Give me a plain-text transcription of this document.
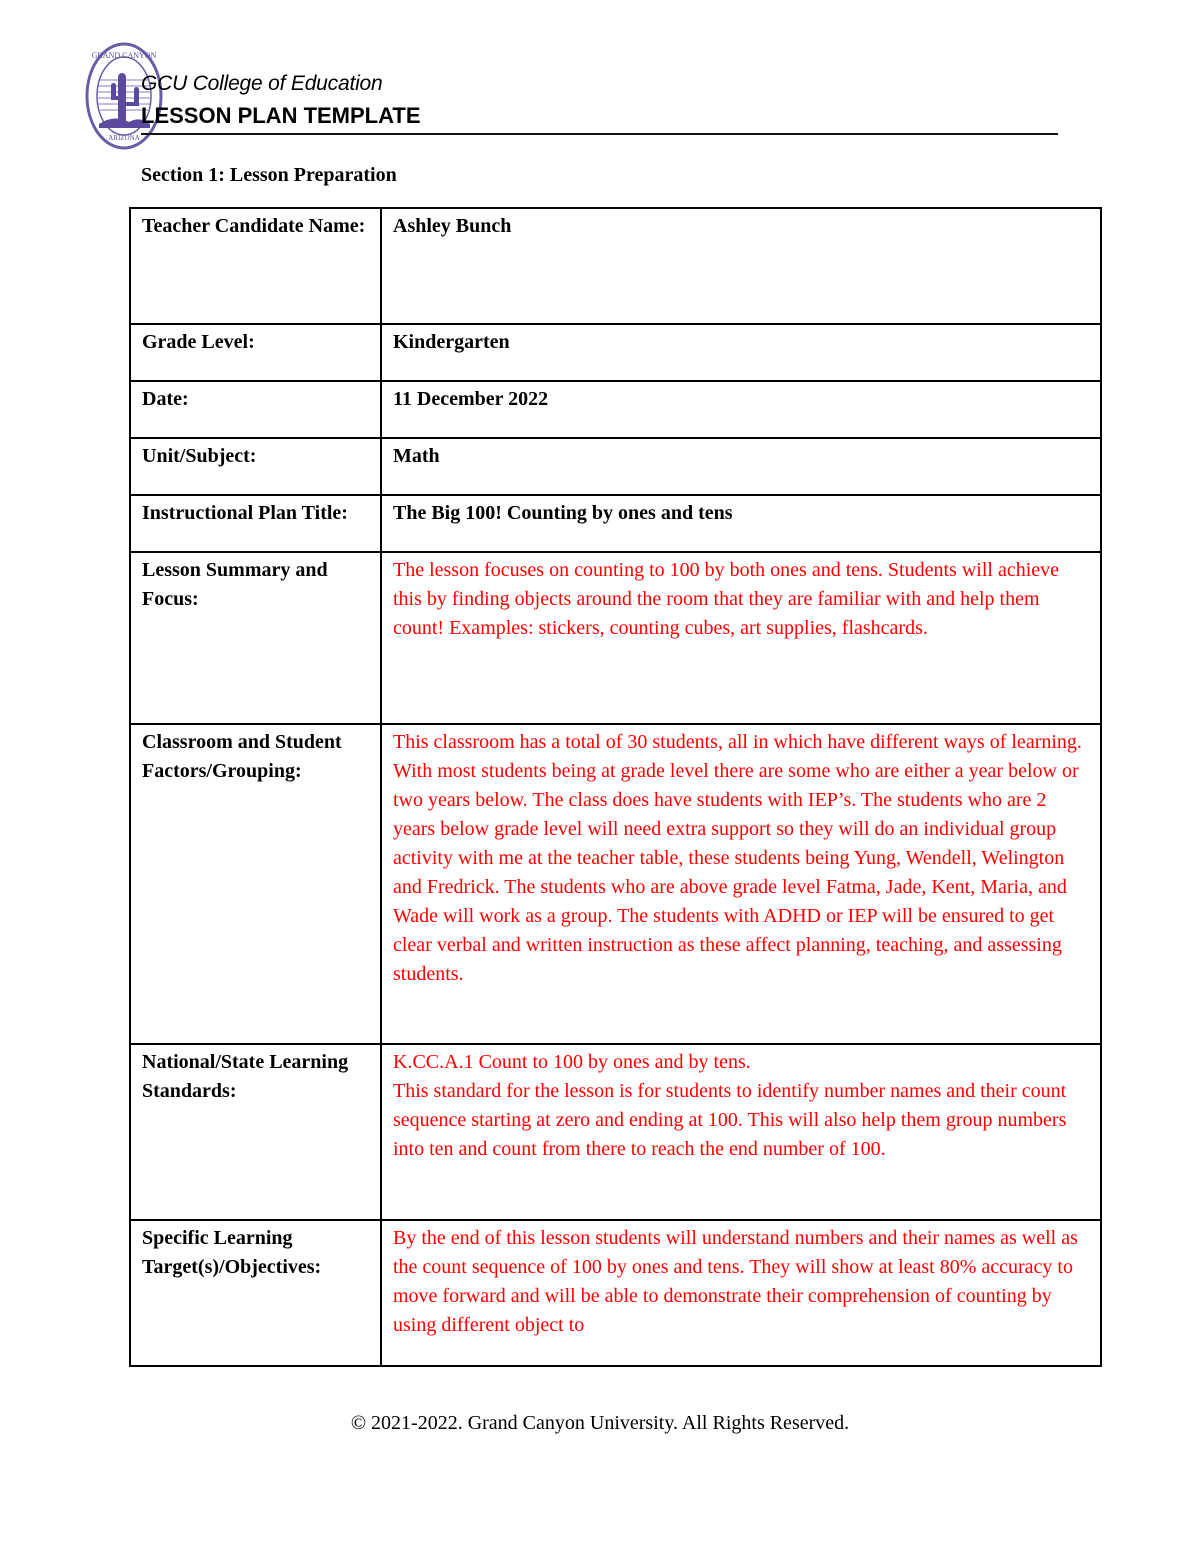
GRAND CANYON
ARIZONA
GCU College of Education
LESSON PLAN TEMPLATE
Section 1: Lesson Preparation
Teacher Candidate Name:	Ashley Bunch
Grade Level:	Kindergarten
Date:	11 December 2022
Unit/Subject:	Math
Instructional Plan Title:	The Big 100! Counting by ones and tens
Lesson Summary and Focus:	The lesson focuses on counting to 100 by both ones and tens. Students will achieve this by finding objects around the room that they are familiar with and help them count! Examples: stickers, counting cubes, art supplies, flashcards.
Classroom and Student Factors/Grouping:	This classroom has a total of 30 students, all in which have different ways of learning. With most students being at grade level there are some who are either a year below or two years below. The class does have students with IEP’s. The students who are 2 years below grade level will need extra support so they will do an individual group activity with me at the teacher table, these students being Yung, Wendell, Welington and Fredrick. The students who are above grade level Fatma, Jade, Kent, Maria, and Wade will work as a group. The students with ADHD or IEP will be ensured to get clear verbal and written instruction as these affect planning, teaching, and assessing students.
National/State Learning Standards:	K.CC.A.1 Count to 100 by ones and by tens.
This standard for the lesson is for students to identify number names and their count sequence starting at zero and ending at 100. This will also help them group numbers into ten and count from there to reach the end number of 100.

Specific Learning Target(s)/Objectives:	By the end of this lesson students will understand numbers and their names as well as the count sequence of 100 by ones and tens. They will show at least 80% accuracy to move forward and will be able to demonstrate their comprehension of counting by using different object to
© 2021-2022. Grand Canyon University. All Rights Reserved.
